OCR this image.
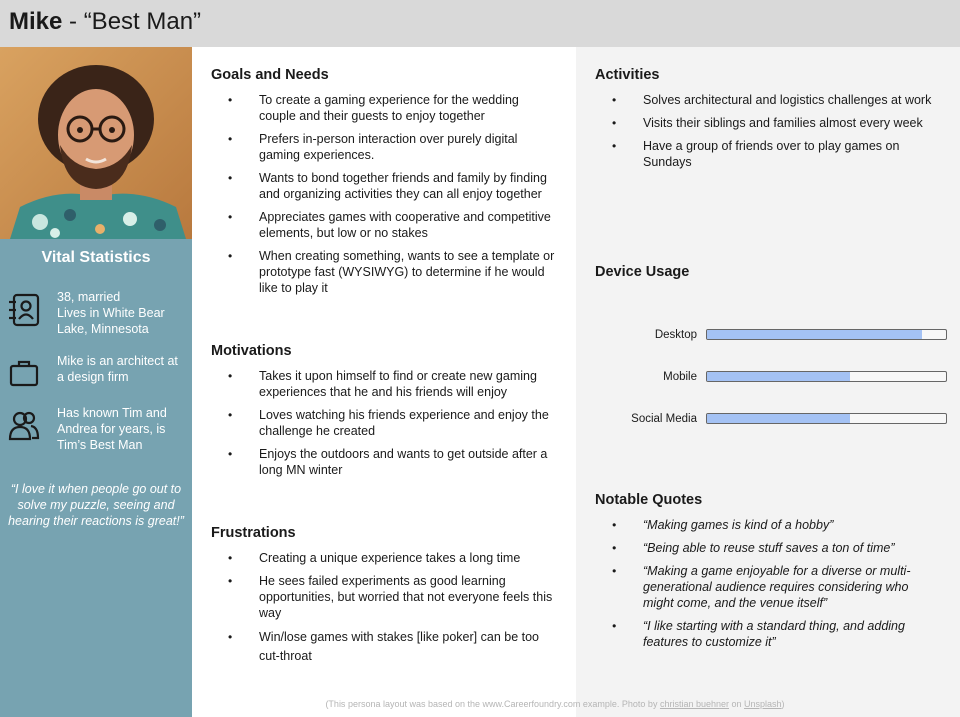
Mike - “Best Man”
Vital Statistics
38, married
Lives in White Bear Lake, Minnesota
Mike is an architect at a design firm
Has known Tim and Andrea for years, is Tim’s Best Man
“I love it when people go out to solve my puzzle, seeing and hearing their reactions is great!”
Goals and Needs
• To create a gaming experience for the wedding couple and their guests to enjoy together
• Prefers in-person interaction over purely digital gaming experiences.
• Wants to bond together friends and family by finding and organizing activities they can all enjoy together
• Appreciates games with cooperative and competitive elements, but low or no stakes
• When creating something, wants to see a template or prototype fast (WYSIWYG) to determine if he would like to play it
Motivations
• Takes it upon himself to find or create new gaming experiences that he and his friends will enjoy
• Loves watching his friends experience and enjoy the challenge he created
• Enjoys the outdoors and wants to get outside after a long MN winter
Frustrations
• Creating a unique experience takes a long time
• He sees failed experiments as good learning opportunities, but worried that not everyone feels this way
• Win/lose games with stakes [like poker] can be too cut-throat
Activities
• Solves architectural and logistics challenges at work
• Visits their siblings and families almost every week
• Have a group of friends over to play games on Sundays
Device Usage
Desktop
Mobile
Social Media
Notable Quotes
• “Making games is kind of a hobby”
• “Being able to reuse stuff saves a ton of time”
• “Making a game enjoyable for a diverse or multi-generational audience requires considering who might come, and the venue itself”
• “I like starting with a standard thing, and adding features to customize it”
(This persona layout was based on the www.Careerfoundry.com example. Photo by christian buehner on Unsplash)
